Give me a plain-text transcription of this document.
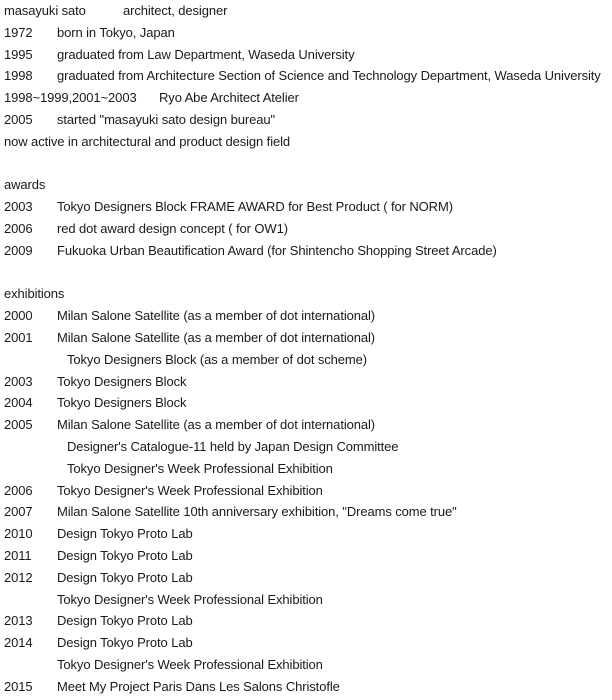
masayuki sato	architect, designer
1972 born in Tokyo, Japan
1995 graduated from Law Department, Waseda University
1998 graduated from Architecture Section of Science and Technology Department, Waseda University
1998~1999,2001~2003 Ryo Abe Architect Atelier
2005 started "masayuki sato design bureau"
now active in architectural and product design field
awards
2003 Tokyo Designers Block FRAME AWARD for Best Product ( for NORM)
2006 red dot award design concept ( for OW1)
2009 Fukuoka Urban Beautification Award (for Shintencho Shopping Street Arcade)
exhibitions
2000 Milan Salone Satellite (as a member of dot international)
2001 Milan Salone Satellite (as a member of dot international)
Tokyo Designers Block (as a member of dot scheme)
2003 Tokyo Designers Block
2004 Tokyo Designers Block
2005 Milan Salone Satellite (as a member of dot international)
Designer's Catalogue-11 held by Japan Design Committee
Tokyo Designer's Week Professional Exhibition
2006 Tokyo Designer's Week Professional Exhibition
2007 Milan Salone Satellite 10th anniversary exhibition, "Dreams come true"
2010 Design Tokyo Proto Lab
2011 Design Tokyo Proto Lab
2012 Design Tokyo Proto Lab
Tokyo Designer's Week Professional Exhibition
2013 Design Tokyo Proto Lab
2014 Design Tokyo Proto Lab
Tokyo Designer's Week Professional Exhibition
2015 Meet My Project Paris Dans Les Salons Christofle
